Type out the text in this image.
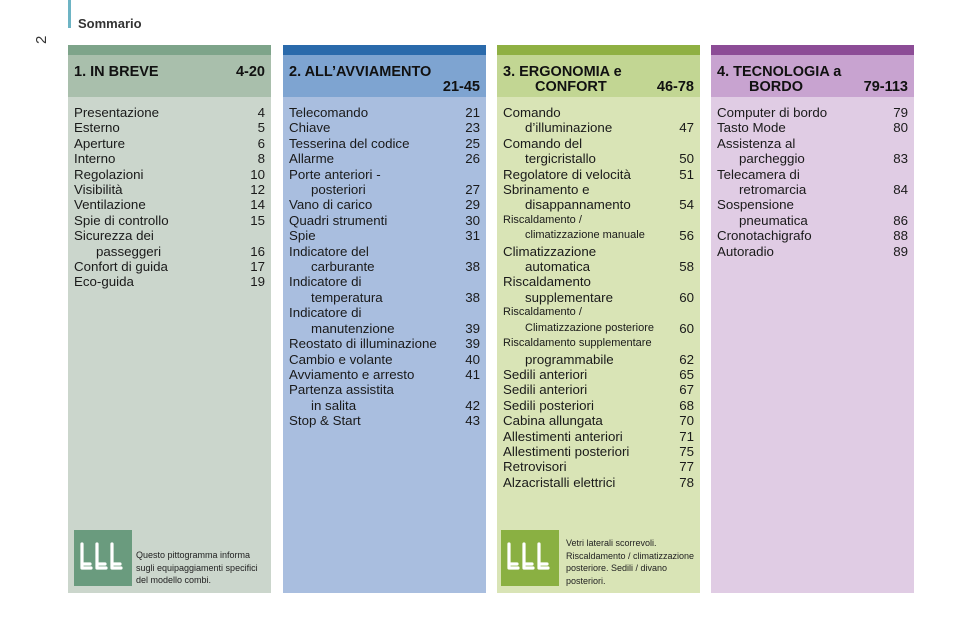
2
Sommario
1. IN BREVE	4-20
Presentazione	4
Esterno	5
Aperture	6
Interno	8
Regolazioni	10
Visibilità	12
Ventilazione	14
Spie di controllo	15
Sicurezza dei
passeggeri	16
Confort di guida	17
Eco-guida	19
2. ALL’AVVIAMENTO
21-45
Telecomando	21
Chiave	23
Tesserina del codice	25
Allarme	26
Porte anteriori -
posteriori	27
Vano di carico	29
Quadri strumenti	30
Spie	31
Indicatore del
carburante	38
Indicatore di
temperatura	38
Indicatore di
manutenzione	39
Reostato di illuminazione 39
Cambio e volante	40
Avviamento e arresto	41
Partenza assistita
in salita	42
Stop & Start	43
3. ERGONOMIA e
CONFORT	46-78
Comando
d’illuminazione	47
Comando del
tergicristallo	50
Regolatore di velocità	51
Sbrinamento e
disappannamento	54
Riscaldamento /
climatizzazione manuale	56
Climatizzazione
automatica	58
Riscaldamento
supplementare	60
Riscaldamento /
Climatizzazione posteriore 60
Riscaldamento supplementare
programmabile	62
Sedili anteriori	65
Sedili anteriori	67
Sedili posteriori	68
Cabina allungata	70
Allestimenti anteriori	71
Allestimenti posteriori	75
Retrovisori	77
Alzacristalli elettrici	78
4. TECNOLOGIA a
BORDO	79-113
Computer di bordo	79
Tasto Mode	80
Assistenza al
parcheggio	83
Telecamera di
retromarcia	84
Sospensione
pneumatica	86
Cronotachigrafo	88
Autoradio	89
Questo pittogramma informa sugli equipaggiamenti specifici del modello combi.
Vetri laterali scorrevoli. Riscaldamento / climatizzazione posteriore. Sedili / divano posteriori.
